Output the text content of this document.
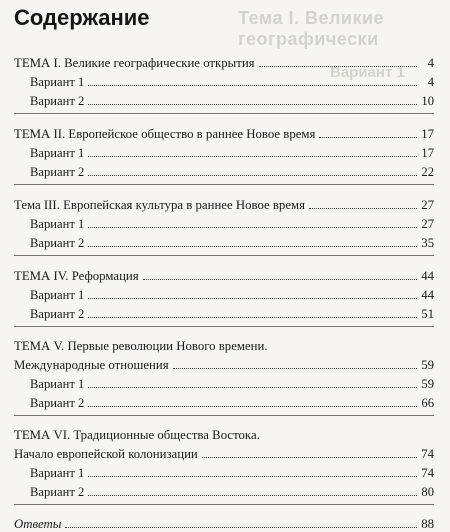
Тема I. Великие географически
Вариант 1
Содержание
ТЕМА I. Великие географические открытия	4
Вариант 1	4
Вариант 2	10
ТЕМА II. Европейское общество в раннее Новое время	17
Вариант 1	17
Вариант 2	22
Тема III. Европейская культура в раннее Новое время	27
Вариант 1	27
Вариант 2	35
ТЕМА IV. Реформация	44
Вариант 1	44
Вариант 2	51
ТЕМА V. Первые революции Нового времени.
Международные отношения	59
Вариант 1	59
Вариант 2	66
ТЕМА VI. Традиционные общества Востока.
Начало европейской колонизации	74
Вариант 1	74
Вариант 2	80
Ответы	88
